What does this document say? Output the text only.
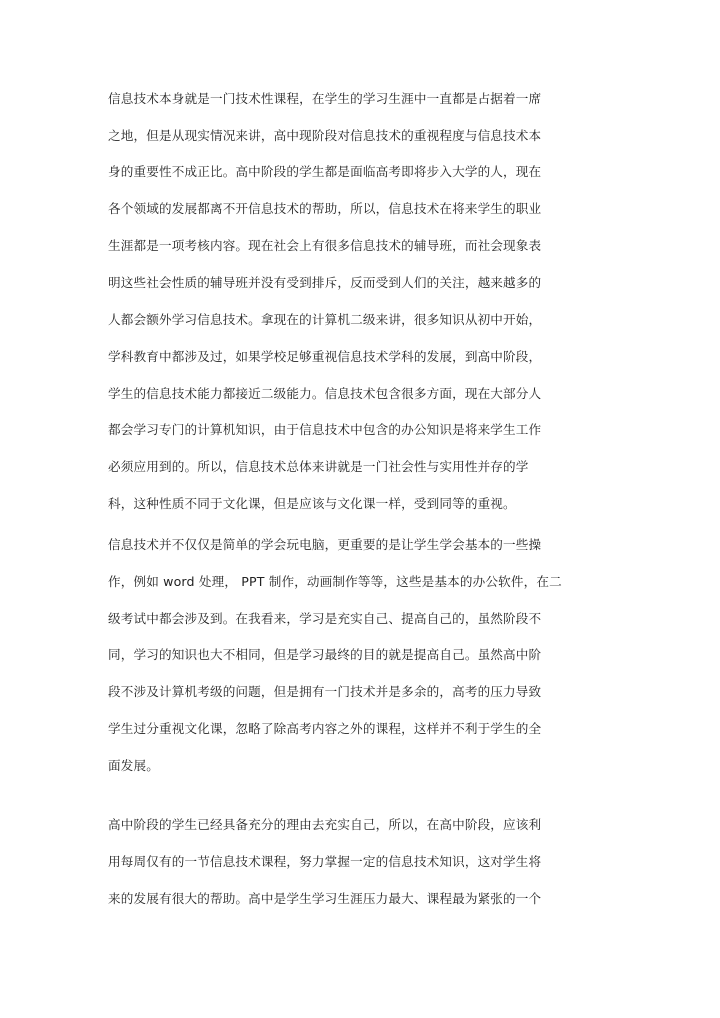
信息技术本身就是一门技术性课程，在学生的学习生涯中一直都是占据着一席
之地，但是从现实情况来讲，高中现阶段对信息技术的重视程度与信息技术本
身的重要性不成正比。高中阶段的学生都是面临高考即将步入大学的人，现在
各个领域的发展都离不开信息技术的帮助，所以，信息技术在将来学生的职业
生涯都是一项考核内容。现在社会上有很多信息技术的辅导班，而社会现象表
明这些社会性质的辅导班并没有受到排斥，反而受到人们的关注，越来越多的
人都会额外学习信息技术。拿现在的计算机二级来讲，很多知识从初中开始，
学科教育中都涉及过，如果学校足够重视信息技术学科的发展，到高中阶段，
学生的信息技术能力都接近二级能力。信息技术包含很多方面，现在大部分人
都会学习专门的计算机知识，由于信息技术中包含的办公知识是将来学生工作
必须应用到的。所以，信息技术总体来讲就是一门社会性与实用性并存的学
科，这种性质不同于文化课，但是应该与文化课一样，受到同等的重视。
信息技术并不仅仅是简单的学会玩电脑，更重要的是让学生学会基本的一些操
作，例如 word 处理， PPT 制作，动画制作等等，这些是基本的办公软件，在二
级考试中都会涉及到。在我看来，学习是充实自己、提高自己的，虽然阶段不
同，学习的知识也大不相同，但是学习最终的目的就是提高自己。虽然高中阶
段不涉及计算机考级的问题，但是拥有一门技术并是多余的，高考的压力导致
学生过分重视文化课，忽略了除高考内容之外的课程，这样并不利于学生的全
面发展。
高中阶段的学生已经具备充分的理由去充实自己，所以，在高中阶段，应该利
用每周仅有的一节信息技术课程，努力掌握一定的信息技术知识，这对学生将
来的发展有很大的帮助。高中是学生学习生涯压力最大、课程最为紧张的一个
